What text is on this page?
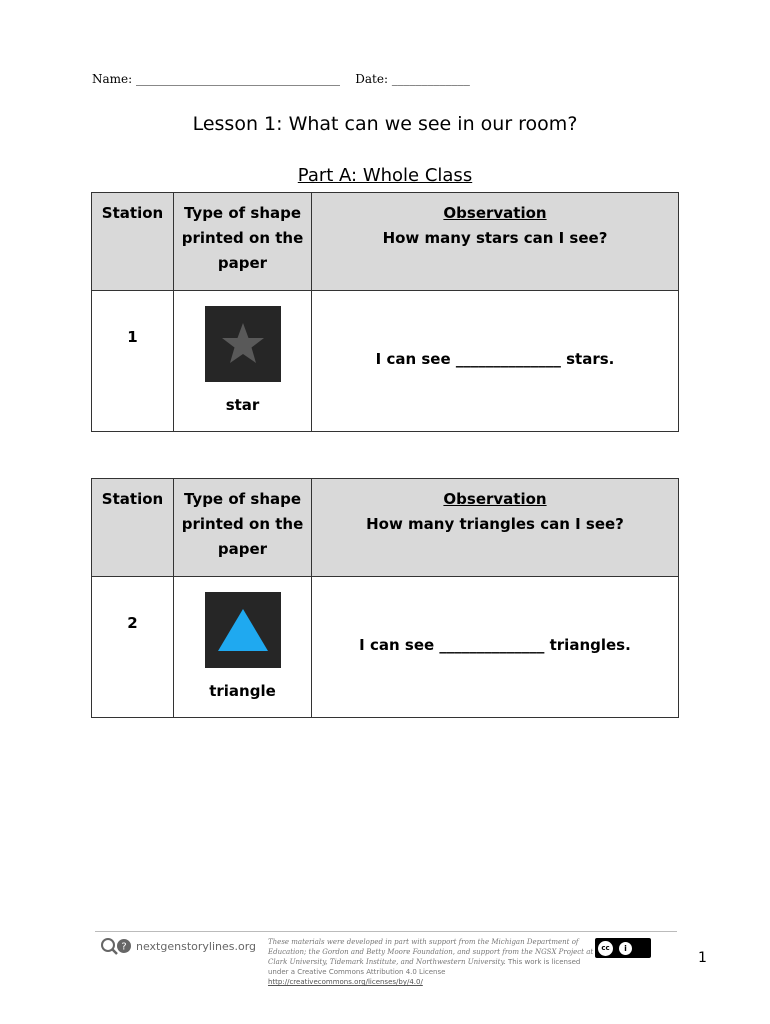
Name: __________________________________ Date: _____________
Lesson 1: What can we see in our room?
Part A: Whole Class
Station	Type of shape printed on the paper	Observation
How many stars can I see?

1	star	I can see ______________ stars.
Station	Type of shape printed on the paper	Observation
How many triangles can I see?

2	triangle	I can see ______________ triangles.
? nextgenstorylines.org These materials were developed in part with support from the Michigan Department of Education; the Gordon and Betty Moore Foundation, and support from the NGSX Project at Clark University, Tidemark Institute, and Northwestern University. This work is licensed under a Creative Commons Attribution 4.0 License   http://creativecommons.org/licenses/by/4.0/
cc	i
1
